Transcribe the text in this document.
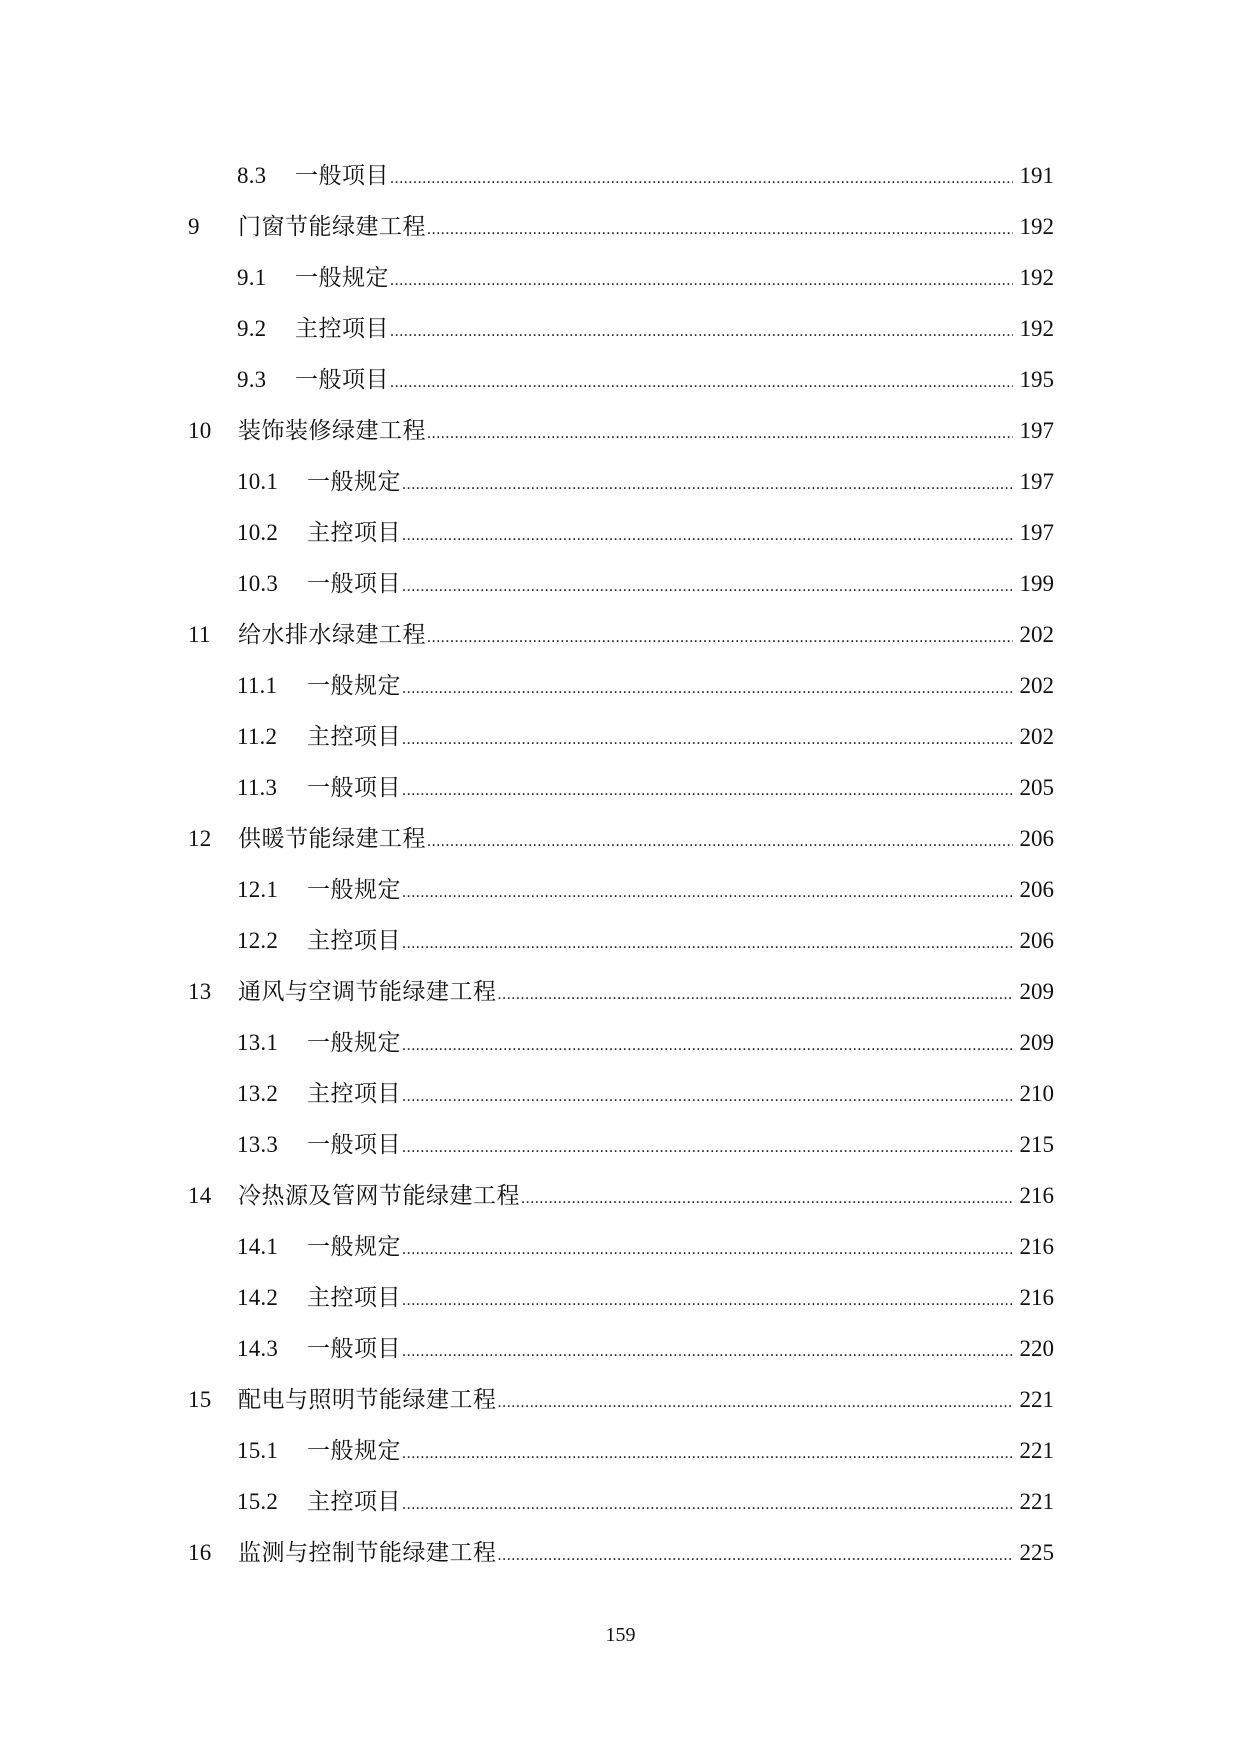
8.3	一般项目 .....	191
9	门窗节能绿建工程 .....	192
9.1	一般规定 .....	192
9.2	主控项目 .....	192
9.3	一般项目 .....	195
10	装饰装修绿建工程 .....	197
10.1	一般规定 .....	197
10.2	主控项目 .....	197
10.3	一般项目 .....	199
11	给水排水绿建工程 .....	202
11.1	一般规定 .....	202
11.2	主控项目 .....	202
11.3	一般项目 .....	205
12	供暖节能绿建工程 .....	206
12.1	一般规定 .....	206
12.2	主控项目 .....	206
13	通风与空调节能绿建工程 .....	209
13.1	一般规定 .....	209
13.2	主控项目 .....	210
13.3	一般项目 .....	215
14	冷热源及管网节能绿建工程 .....	216
14.1	一般规定 .....	216
14.2	主控项目 .....	216
14.3	一般项目 .....	220
15	配电与照明节能绿建工程 .....	221
15.1	一般规定 .....	221
15.2	主控项目 .....	221
16	监测与控制节能绿建工程 .....	225
159
